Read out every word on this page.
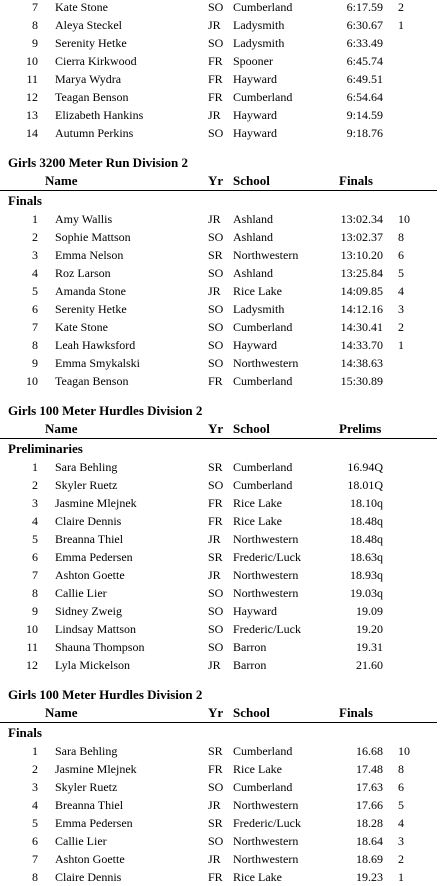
7 Kate Stone	SO Cumberland	6:17.59 2
8 Aleya Steckel	JR Ladysmith	6:30.67 1
9 Serenity Hetke	SO Ladysmith	6:33.49
10 Cierra Kirkwood	FR Spooner	6:45.74
11 Marya Wydra	FR Hayward	6:49.51
12 Teagan Benson	FR Cumberland	6:54.64
13 Elizabeth Hankins	JR Hayward	9:14.59
14 Autumn Perkins	SO Hayward	9:18.76
Girls 3200 Meter Run Division 2
Name	Yr School	Finals
Finals
1 Amy Wallis	JR Ashland	13:02.34 10
2 Sophie Mattson	SO Ashland	13:02.37 8
3 Emma Nelson	SR Northwestern	13:10.20 6
4 Roz Larson	SO Ashland	13:25.84 5
5 Amanda Stone	JR Rice Lake	14:09.85 4
6 Serenity Hetke	SO Ladysmith	14:12.16 3
7 Kate Stone	SO Cumberland	14:30.41 2
8 Leah Hawksford	SO Hayward	14:33.70 1
9 Emma Smykalski	SO Northwestern	14:38.63
10 Teagan Benson	FR Cumberland	15:30.89
Girls 100 Meter Hurdles Division 2
Name	Yr School	Prelims
Preliminaries
1 Sara Behling	SR Cumberland	16.94Q
2 Skyler Ruetz	SO Cumberland	18.01Q
3 Jasmine Mlejnek	FR Rice Lake	18.10q
4 Claire Dennis	FR Rice Lake	18.48q
5 Breanna Thiel	JR Northwestern	18.48q
6 Emma Pedersen	SR Frederic/Luck	18.63q
7 Ashton Goette	JR Northwestern	18.93q
8 Callie Lier	SO Northwestern	19.03q
9 Sidney Zweig	SO Hayward	19.09
10 Lindsay Mattson	SO Frederic/Luck	19.20
11 Shauna Thompson	SO Barron	19.31
12 Lyla Mickelson	JR Barron	21.60
Girls 100 Meter Hurdles Division 2
Name	Yr School	Finals
Finals
1 Sara Behling	SR Cumberland	16.68 10
2 Jasmine Mlejnek	FR Rice Lake	17.48 8
3 Skyler Ruetz	SO Cumberland	17.63 6
4 Breanna Thiel	JR Northwestern	17.66 5
5 Emma Pedersen	SR Frederic/Luck	18.28 4
6 Callie Lier	SO Northwestern	18.64 3
7 Ashton Goette	JR Northwestern	18.69 2
8 Claire Dennis	FR Rice Lake	19.23 1
